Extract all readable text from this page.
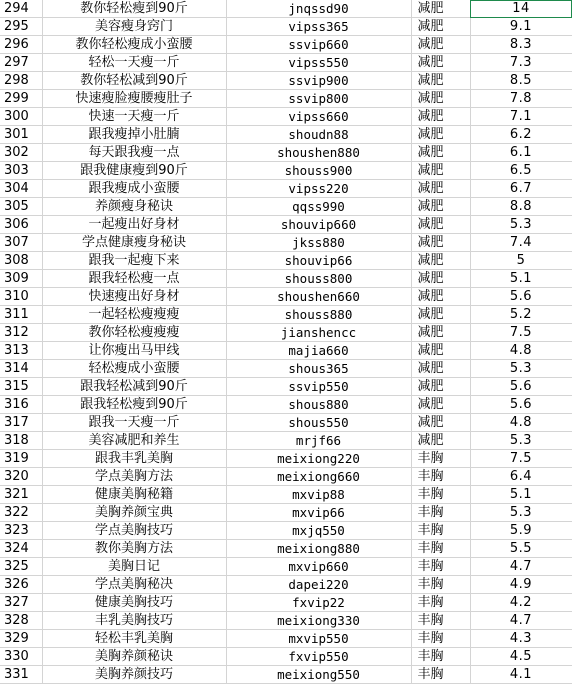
294	教你轻松瘦到90斤	jnqssd90	减肥	14
295	美容瘦身窍门	vipss365	减肥	9.1
296	教你轻松瘦成小蛮腰	ssvip660	减肥	8.3
297	轻松一天瘦一斤	vipss550	减肥	7.3
298	教你轻松减到90斤	ssvip900	减肥	8.5
299	快速瘦脸瘦腰瘦肚子	ssvip800	减肥	7.8
300	快速一天瘦一斤	vipss660	减肥	7.1
301	跟我瘦掉小肚腩	shoudn88	减肥	6.2
302	每天跟我瘦一点	shoushen880	减肥	6.1
303	跟我健康瘦到90斤	shouss900	减肥	6.5
304	跟我瘦成小蛮腰	vipss220	减肥	6.7
305	养颜瘦身秘诀	qqss990	减肥	8.8
306	一起瘦出好身材	shouvip660	减肥	5.3
307	学点健康瘦身秘诀	jkss880	减肥	7.4
308	跟我一起瘦下来	shouvip66	减肥	5
309	跟我轻松瘦一点	shouss800	减肥	5.1
310	快速瘦出好身材	shoushen660	减肥	5.6
311	一起轻松瘦瘦瘦	shouss880	减肥	5.2
312	教你轻松瘦瘦瘦	jianshencc	减肥	7.5
313	让你瘦出马甲线	majia660	减肥	4.8
314	轻松瘦成小蛮腰	shous365	减肥	5.3
315	跟我轻松减到90斤	ssvip550	减肥	5.6
316	跟我轻松瘦到90斤	shous880	减肥	5.6
317	跟我一天瘦一斤	shous550	减肥	4.8
318	美容减肥和养生	mrjf66	减肥	5.3
319	跟我丰乳美胸	meixiong220	丰胸	7.5
320	学点美胸方法	meixiong660	丰胸	6.4
321	健康美胸秘籍	mxvip88	丰胸	5.1
322	美胸养颜宝典	mxvip66	丰胸	5.3
323	学点美胸技巧	mxjq550	丰胸	5.9
324	教你美胸方法	meixiong880	丰胸	5.5
325	美胸日记	mxvip660	丰胸	4.7
326	学点美胸秘决	dapei220	丰胸	4.9
327	健康美胸技巧	fxvip22	丰胸	4.2
328	丰乳美胸技巧	meixiong330	丰胸	4.7
329	轻松丰乳美胸	mxvip550	丰胸	4.3
330	美胸养颜秘诀	fxvip550	丰胸	4.5
331	美胸养颜技巧	meixiong550	丰胸	4.1
